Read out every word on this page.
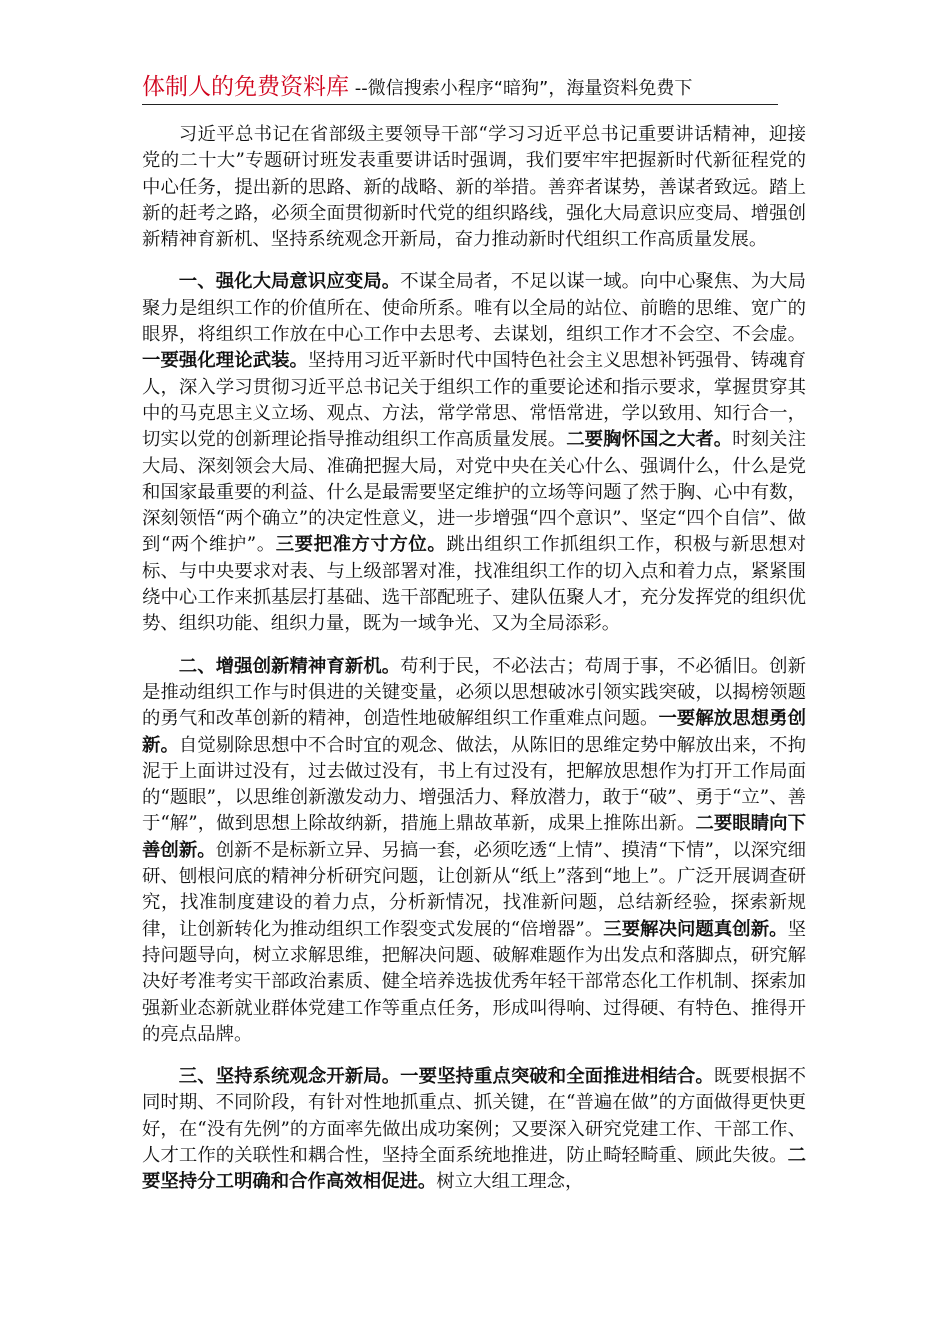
体制人的免费资料库 --微信搜索小程序“暗狗”，海量资料免费下

习近平总书记在省部级主要领导干部“学习习近平总书记重要讲话精神，迎接党的二十大”专题研讨班发表重要讲话时强调，我们要牢牢把握新时代新征程党的中心任务，提出新的思路、新的战略、新的举措。善弈者谋势，善谋者致远。踏上新的赶考之路，必须全面贯彻新时代党的组织路线，强化大局意识应变局、增强创新精神育新机、坚持系统观念开新局，奋力推动新时代组织工作高质量发展。

一、强化大局意识应变局。不谋全局者，不足以谋一域。向中心聚焦、为大局聚力是组织工作的价值所在、使命所系。唯有以全局的站位、前瞻的思维、宽广的眼界，将组织工作放在中心工作中去思考、去谋划，组织工作才不会空、不会虚。一要强化理论武装。坚持用习近平新时代中国特色社会主义思想补钙强骨、铸魂育人，深入学习贯彻习近平总书记关于组织工作的重要论述和指示要求，掌握贯穿其中的马克思主义立场、观点、方法，常学常思、常悟常进，学以致用、知行合一，切实以党的创新理论指导推动组织工作高质量发展。二要胸怀国之大者。时刻关注大局、深刻领会大局、准确把握大局，对党中央在关心什么、强调什么，什么是党和国家最重要的利益、什么是最需要坚定维护的立场等问题了然于胸、心中有数，深刻领悟“两个确立”的决定性意义，进一步增强“四个意识”、坚定“四个自信”、做到“两个维护”。三要把准方寸方位。跳出组织工作抓组织工作，积极与新思想对标、与中央要求对表、与上级部署对准，找准组织工作的切入点和着力点，紧紧围绕中心工作来抓基层打基础、选干部配班子、建队伍聚人才，充分发挥党的组织优势、组织功能、组织力量，既为一域争光、又为全局添彩。

二、增强创新精神育新机。苟利于民，不必法古；苟周于事，不必循旧。创新是推动组织工作与时俱进的关键变量，必须以思想破冰引领实践突破，以揭榜领题的勇气和改革创新的精神，创造性地破解组织工作重难点问题。一要解放思想勇创新。自觉剔除思想中不合时宜的观念、做法，从陈旧的思维定势中解放出来，不拘泥于上面讲过没有，过去做过没有，书上有过没有，把解放思想作为打开工作局面的“题眼”，以思维创新激发动力、增强活力、释放潜力，敢于“破”、勇于“立”、善于“解”，做到思想上除故纳新，措施上鼎故革新，成果上推陈出新。二要眼睛向下善创新。创新不是标新立异、另搞一套，必须吃透“上情”、摸清“下情”，以深究细研、刨根问底的精神分析研究问题，让创新从“纸上”落到“地上”。广泛开展调查研究，找准制度建设的着力点，分析新情况，找准新问题，总结新经验，探索新规律，让创新转化为推动组织工作裂变式发展的“倍增器”。三要解决问题真创新。坚持问题导向，树立求解思维，把解决问题、破解难题作为出发点和落脚点，研究解决好考准考实干部政治素质、健全培养选拔优秀年轻干部常态化工作机制、探索加强新业态新就业群体党建工作等重点任务，形成叫得响、过得硬、有特色、推得开的亮点品牌。

三、坚持系统观念开新局。一要坚持重点突破和全面推进相结合。既要根据不同时期、不同阶段，有针对性地抓重点、抓关键，在“普遍在做”的方面做得更快更好，在“没有先例”的方面率先做出成功案例；又要深入研究党建工作、干部工作、人才工作的关联性和耦合性，坚持全面系统地推进，防止畸轻畸重、顾此失彼。二要坚持分工明确和合作高效相促进。树立大组工理念，
